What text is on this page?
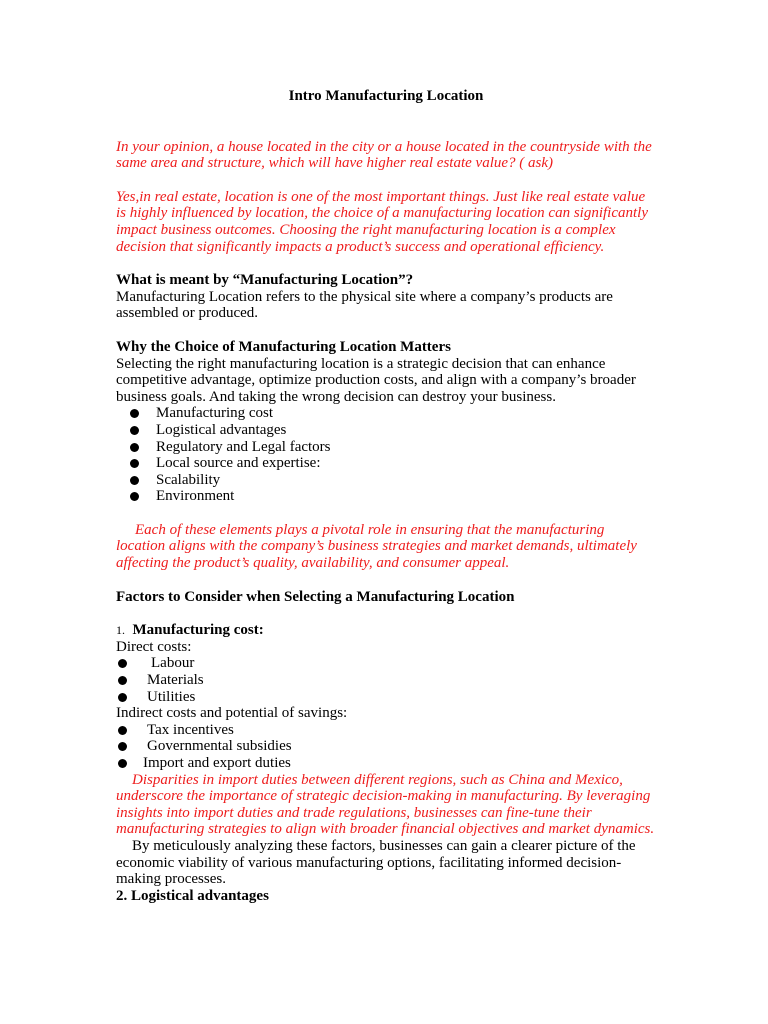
Intro Manufacturing Location

In your opinion, a house located in the city or a house located in the countryside with the same area and structure, which will have higher real estate value? ( ask)

Yes,in real estate, location is one of the most important things. Just like real estate value is highly influenced by location, the choice of a manufacturing location can significantly impact business outcomes. Choosing the right manufacturing location is a complex decision that significantly impacts a product’s success and operational efficiency.

What is meant by “Manufacturing Location”?

Manufacturing Location refers to the physical site where a company’s products are assembled or produced.

Why the Choice of Manufacturing Location Matters

Selecting the right manufacturing location is a strategic decision that can enhance competitive advantage, optimize production costs, and align with a company’s broader business goals. And taking the wrong decision can destroy your business.

Manufacturing cost
Logistical advantages
Regulatory and Legal factors
Local source and expertise:
Scalability
Environment

Each of these elements plays a pivotal role in ensuring that the manufacturing location aligns with the company’s business strategies and market demands, ultimately affecting the product’s quality, availability, and consumer appeal.

Factors to Consider when Selecting a Manufacturing Location

1. Manufacturing cost:

Direct costs:

Labour
Materials
Utilities

Indirect costs and potential of savings:

Tax incentives
Governmental subsidies
Import and export duties

Disparities in import duties between different regions, such as China and Mexico, underscore the importance of strategic decision-making in manufacturing. By leveraging insights into import duties and trade regulations, businesses can fine-tune their manufacturing strategies to align with broader financial objectives and market dynamics.

By meticulously analyzing these factors, businesses can gain a clearer picture of the economic viability of various manufacturing options, facilitating informed decision-making processes.

2. Logistical advantages
